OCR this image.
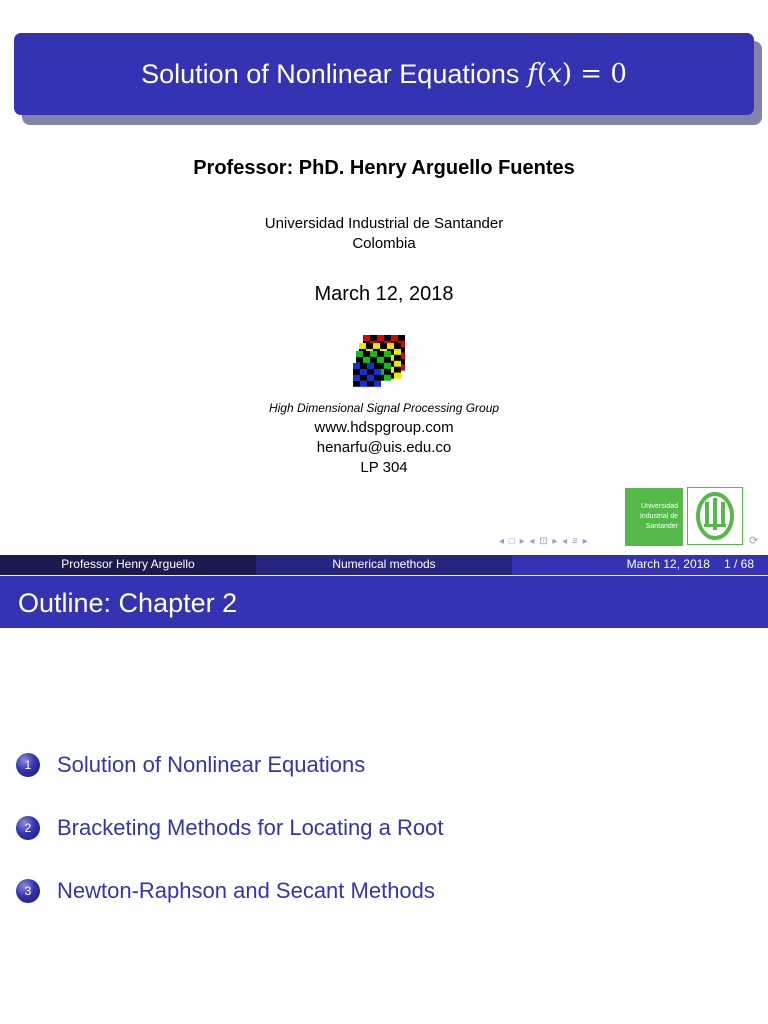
Solution of Nonlinear Equations f(x) = 0
Professor: PhD. Henry Arguello Fuentes
Universidad Industrial de Santander
Colombia
March 12, 2018
High Dimensional Signal Processing Group
www.hdspgroup.com
henarfu@uis.edu.co
LP 304
Universidad
Industrial de
Santander
◂ □ ▸ ◂ ⊡ ▸ ◂ ≡ ▸	⟳
Professor Henry Arguello	Numerical methods	March 12, 2018 1 / 68
Outline: Chapter 2
1	Solution of Nonlinear Equations
2	Bracketing Methods for Locating a Root
3	Newton-Raphson and Secant Methods
